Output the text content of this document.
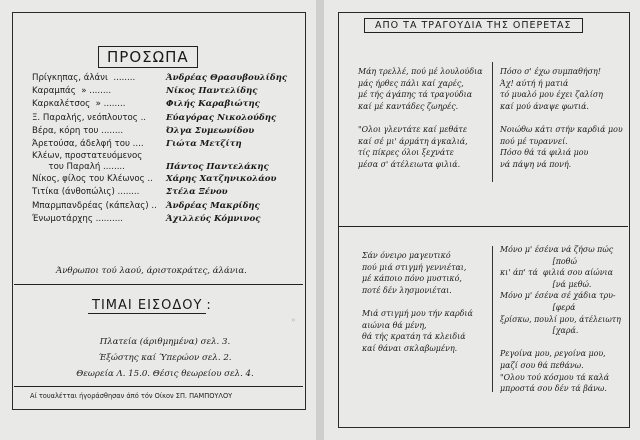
ΠΡΟΣΩΠΑ
Πρίγκηπας, άλάνι  ........	Άνδρέας Θρασυβουλίδης
Καραμπάς  » ........	Νίκος Παντελίδης
Καρκαλέτσος  » ........	Φιλής Καραβιώτης
Ξ. Παραλής, νεόπλουτος .. Εύαγόρας Νικολούδης
Βέρα, κόρη του ........	Όλγα Συμεωνίδου
Άρετούσα, άδελφή του ....	Γιώτα Μετζίτη
Κλέων, προστατευόμενος
του Παραλή ........	Πάντος Παντελάκης
Νίκος, φίλος του Κλέωνος .. Χάρης Χατζηνικολάου
Τιτίκα (άνθοπώλις) ........	Στέλα Ξένου
Μπαρμπανδρέας (κάπελας) .. Άνδρέας Μακρίδης
Ένωμοτάρχης ..........	Άχιλλεύς Κόμνινος
Άνθρωποι τού λαού, άριστοκράτες, άλάνια.
ΤΙΜΑΙ ΕΙΣΟΔΟΥ :
Πλατεία (άριθμημένα) σελ. 3.
Έξώστης καί Ύπερώον σελ. 2.
Θεωρεία Λ. 15.0. Θέσις θεωρείου σελ. 4.
Αί τουαλέτται ήγοράσθησαν άπό τόν Οίκον ΣΠ. ΠΑΜΠΟΥΛΟΥ
◦
ΑΠΟ ΤΑ ΤΡΑΓΟΥΔΙΑ ΤΗΣ ΟΠΕΡΕΤΑΣ
Μάη τρελλέ, πού μέ λουλούδια
μάς ήρθες πάλι καί χαρές,
μέ τής άγάπης τά τραγούδια
καί μέ καντάδες ζωηρές.
"Ολοι γλεντάτε καί μεθάτε
καί σέ μι' άρμάτη άγκαλιά,
τίς πίκρες όλοι ξεχνάτε
μέσα σ' άτέλειωτα φιλιά.
Πόσο σ' έχω συμπαθήση!
Άχ! αύτή ή ματιά
τό μυαλό μου έχει ζαλίση
καί μού άναψε φωτιά.
Νοιώθω κάτι στήν καρδιά μου
πού μέ τυραννεί.
Πόσο θά τά φιλιά μου
νά πάψη νά πονή.
Σάν όνειρο μαγευτικό
πού μιά στιγμή γεννιέται,
μέ κάποιο πόνο μυστικό,
ποτέ δέν λησμονιέται.
Μιά στιγμή μου τήν καρδιά
αιώνια θά μένη,
θά τής κρατάη τά κλειδιά
καί θάναι σκλαβωμένη.
Μόνο μ' έσένα νά ζήσω πώς
[ποθώ
κι' άπ' τά  φιλιά σου αίώνια
[νά μεθώ.
Μόνο μ' έσένα σέ χάδια τρυ-
[φερά
ξρίσκω, πουλί μου, άτέλειωτη
[χαρά.
Ρεγοίνα μου, ρεγοίνα μου,
μαζί σου θά πεθάνω.
"Ολου τού κόσμου τά καλά
μπροστά σου δέν τά βάνω.
